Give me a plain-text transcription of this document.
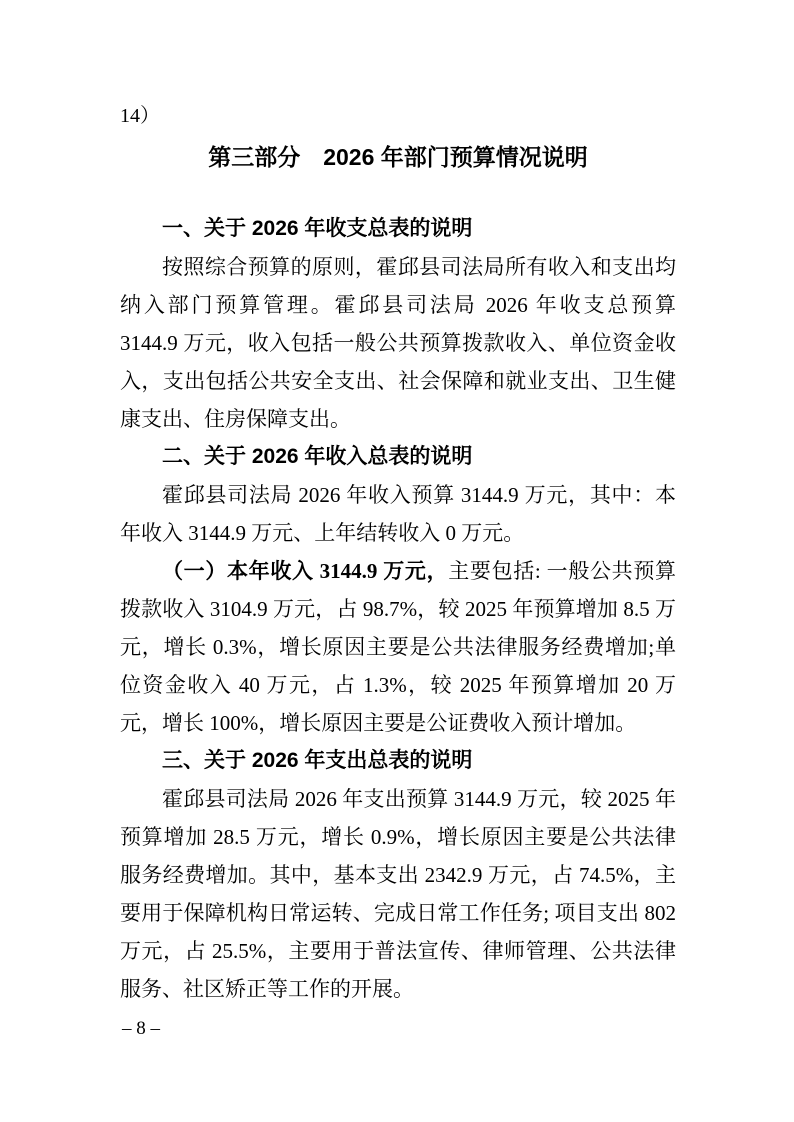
14）
第三部分　2026 年部门预算情况说明
一、关于 2026 年收支总表的说明

按照综合预算的原则，霍邱县司法局所有收入和支出均纳入部门预算管理。霍邱县司法局 2026 年收支总预算 3144.9 万元，收入包括一般公共预算拨款收入、单位资金收入，支出包括公共安全支出、社会保障和就业支出、卫生健康支出、住房保障支出。

二、关于 2026 年收入总表的说明

霍邱县司法局 2026 年收入预算 3144.9 万元，其中：本年收入 3144.9 万元、上年结转收入 0 万元。

（一）本年收入 3144.9 万元，主要包括: 一般公共预算拨款收入 3104.9 万元，占 98.7%，较 2025 年预算增加 8.5 万元，增长 0.3%，增长原因主要是公共法律服务经费增加;单位资金收入 40 万元，占 1.3%，较 2025 年预算增加 20 万元，增长 100%，增长原因主要是公证费收入预计增加。

三、关于 2026 年支出总表的说明

霍邱县司法局 2026 年支出预算 3144.9 万元，较 2025 年预算增加 28.5 万元，增长 0.9%，增长原因主要是公共法律服务经费增加。其中，基本支出 2342.9 万元，占 74.5%，主要用于保障机构日常运转、完成日常工作任务; 项目支出 802 万元，占 25.5%，主要用于普法宣传、律师管理、公共法律服务、社区矫正等工作的开展。

– 8 –
